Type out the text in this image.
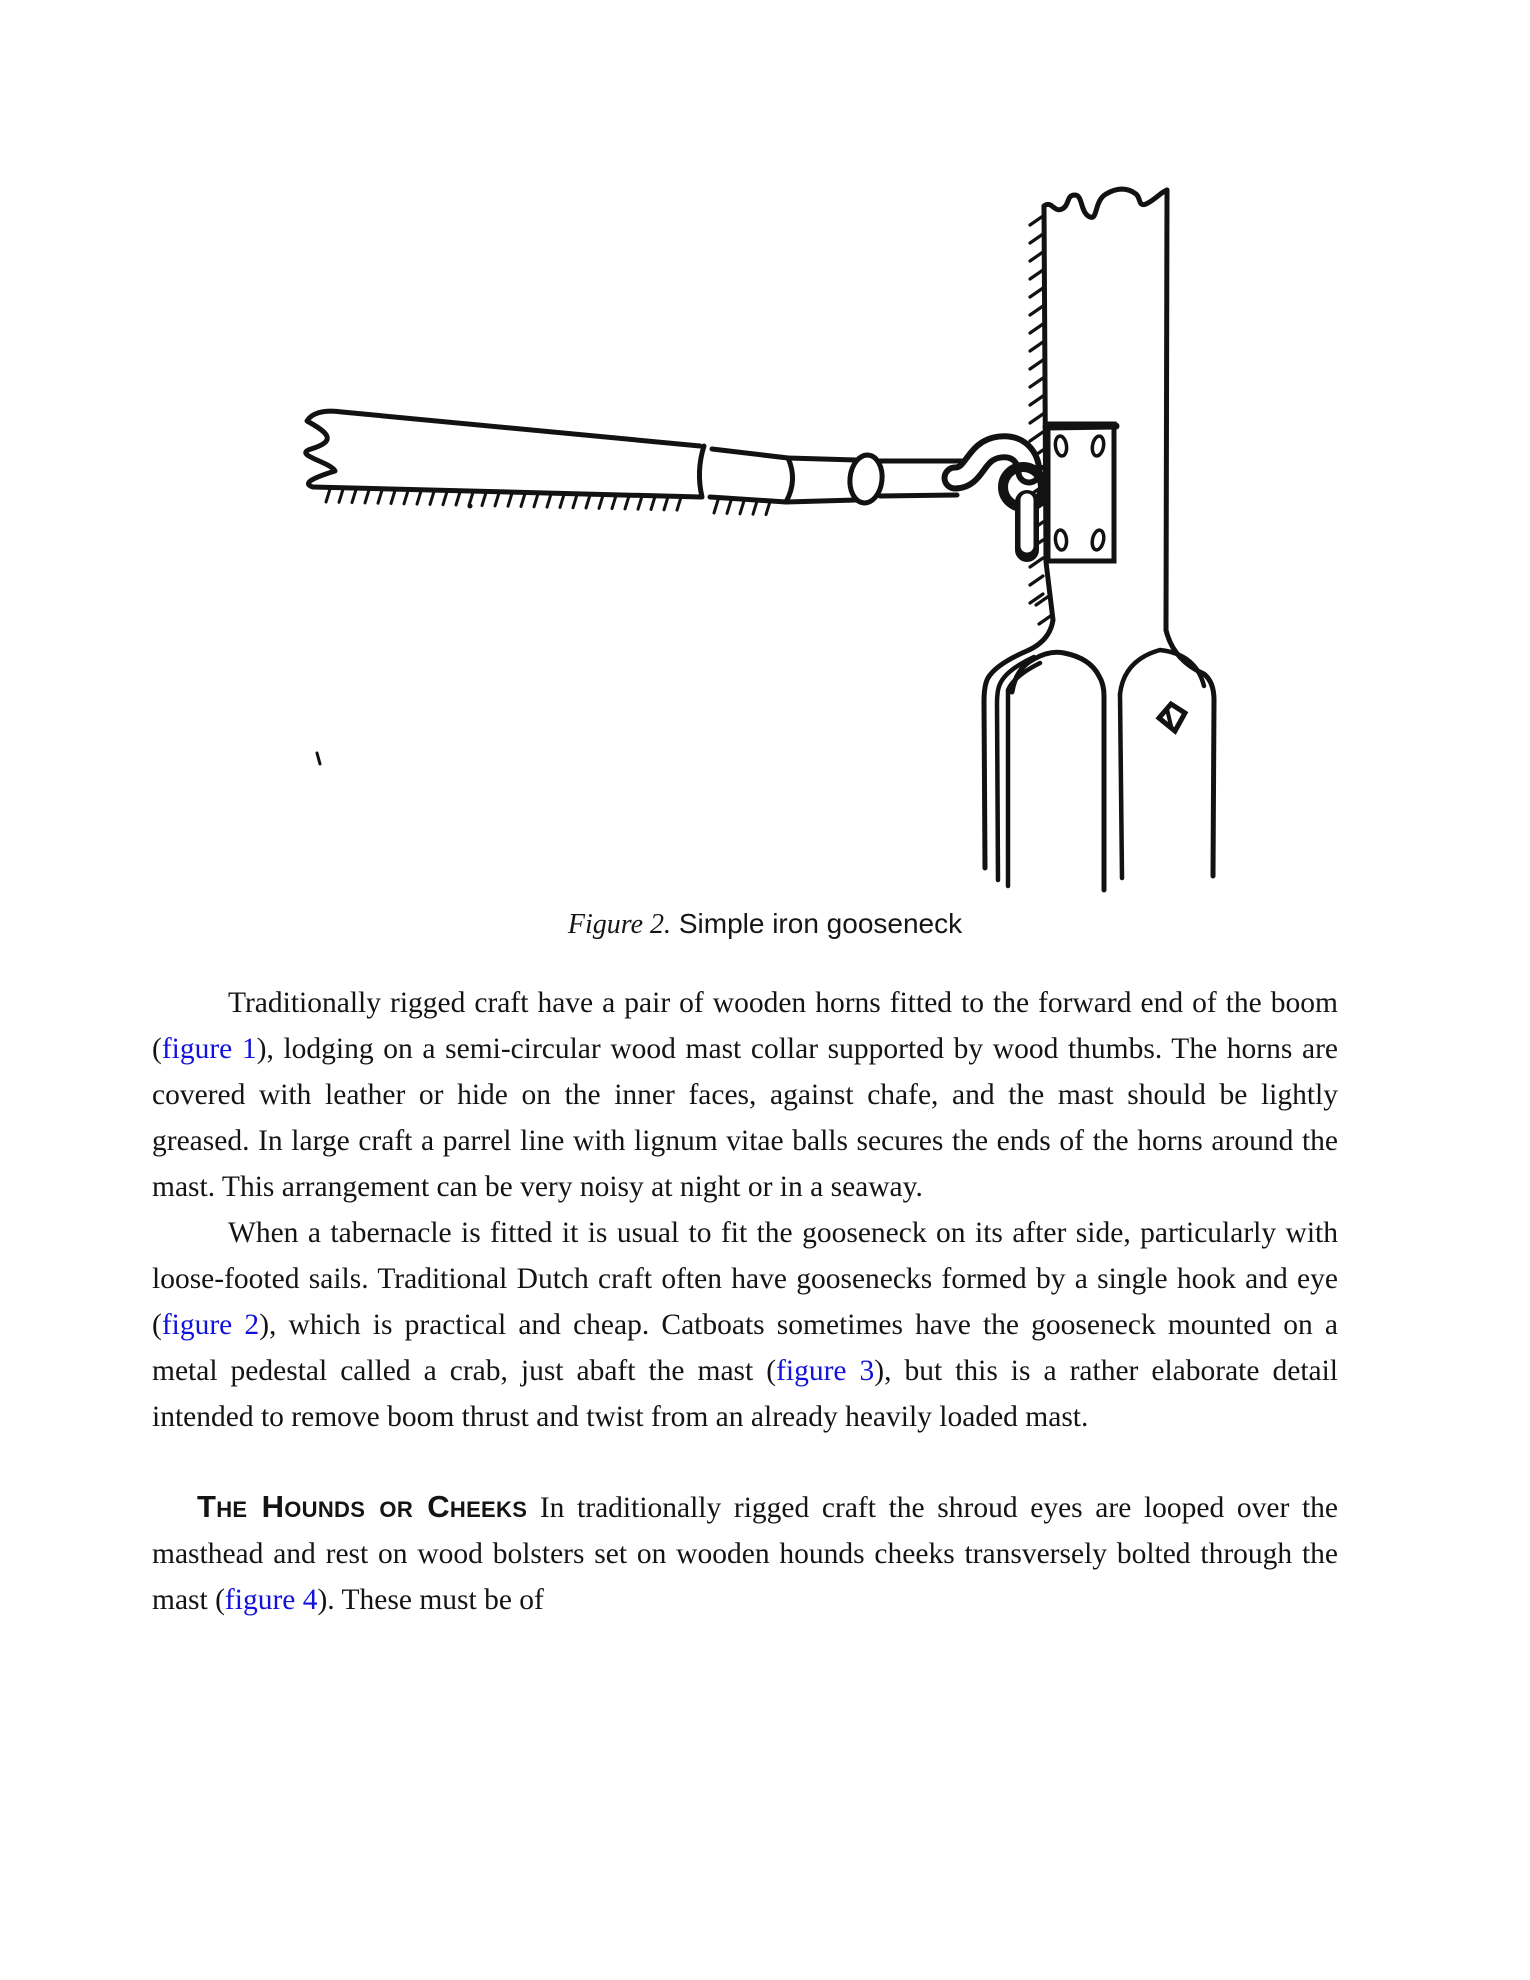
Figure 2. Simple iron gooseneck

Traditionally rigged craft have a pair of wooden horns fitted to the forward end of the boom (figure 1), lodging on a semi-circular wood mast collar supported by wood thumbs. The horns are covered with leather or hide on the inner faces, against chafe, and the mast should be lightly greased. In large craft a parrel line with lignum vitae balls secures the ends of the horns around the mast. This arrangement can be very noisy at night or in a seaway.

When a tabernacle is fitted it is usual to fit the gooseneck on its after side, particularly with loose-footed sails. Traditional Dutch craft often have goosenecks formed by a single hook and eye (figure 2), which is practical and cheap. Catboats sometimes have the gooseneck mounted on a metal pedestal called a crab, just abaft the mast (figure 3), but this is a rather elaborate detail intended to remove boom thrust and twist from an already heavily loaded mast.

The Hounds or Cheeks In traditionally rigged craft the shroud eyes are looped over the masthead and rest on wood bolsters set on wooden hounds cheeks transversely bolted through the mast (figure 4). These must be of
